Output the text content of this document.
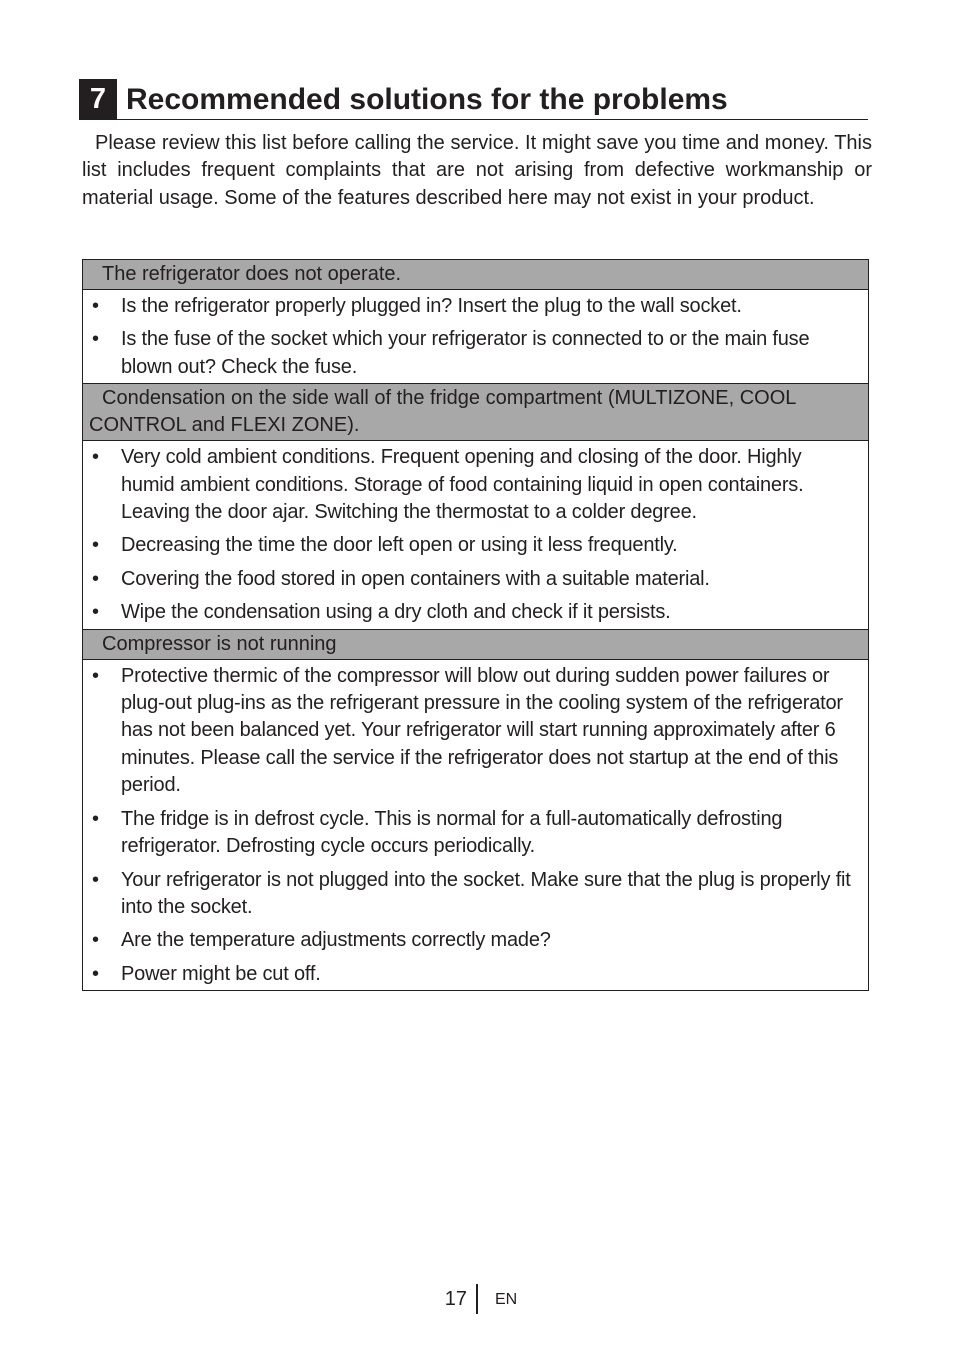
7 Recommended solutions for the problems

Please review this list before calling the service. It might save you time and money. This list includes frequent complaints that are not arising from defective workmanship or material usage. Some of the features described here may not exist in your product.

The refrigerator does not operate.
•	Is the refrigerator properly plugged in? Insert the plug to the wall socket.
•	Is the fuse of the socket which your refrigerator is connected to or the main fuse blown out? Check the fuse.
Condensation on the side wall of the fridge compartment (MULTIZONE, COOL CONTROL and FLEXI ZONE).
•	Very cold ambient conditions. Frequent opening and closing of the door. Highly humid ambient conditions. Storage of food containing liquid in open containers. Leaving the door ajar. Switching the thermostat to a colder degree.
•	Decreasing the time the door left open or using it less frequently.
•	Covering the food stored in open containers with a suitable material.
•	Wipe the condensation using a dry cloth and check if it persists.
Compressor is not running
•	Protective thermic of the compressor will blow out during sudden power failures or plug-out plug-ins as the refrigerant pressure in the cooling system of the refrigerator has not been balanced yet. Your refrigerator will start running approximately after 6 minutes. Please call the service if the refrigerator does not startup at the end of this period.
•	The fridge is in defrost cycle. This is normal for a full-automatically defrosting refrigerator. Defrosting cycle occurs periodically.
•	Your refrigerator is not plugged into the socket. Make sure that the plug is properly fit into the socket.
•	Are the temperature adjustments correctly made?
•	Power might be cut off.
17 EN
